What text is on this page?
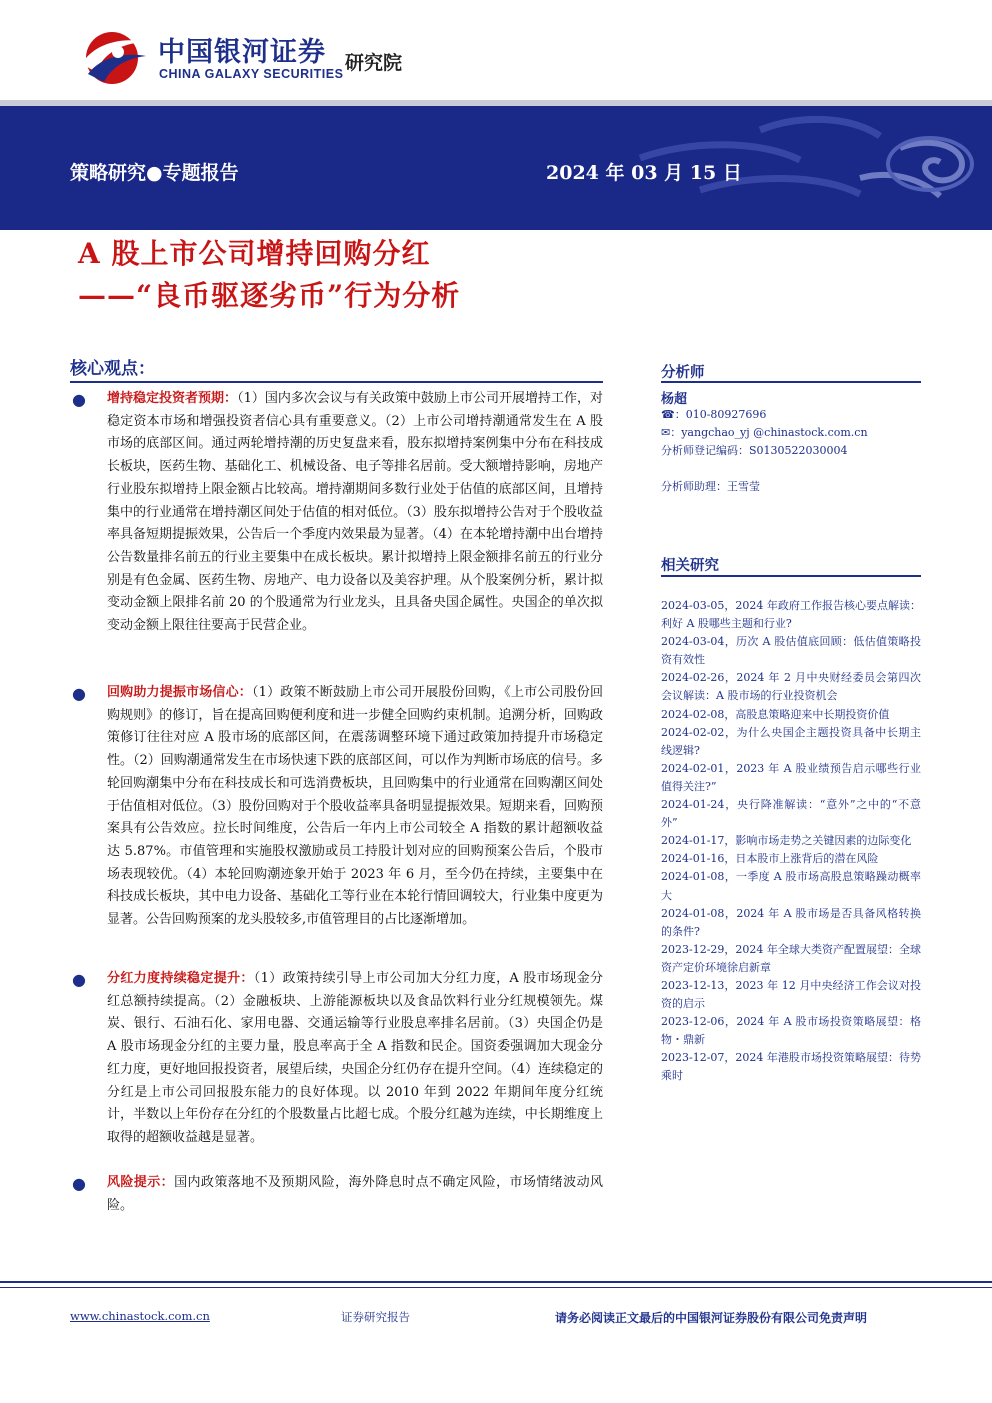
中国银河证券
CHINA GALAXY SECURITIES 研究院
策略研究●专题报告	2024 年 03 月 15 日
A 股上市公司增持回购分红
——“良币驱逐劣币”行为分析
核心观点：
● 增持稳定投资者预期：（1）国内多次会议与有关政策中鼓励上市公司开展增持工作，对稳定资本市场和增强投资者信心具有重要意义。（2）上市公司增持潮通常发生在 A 股市场的底部区间。通过两轮增持潮的历史复盘来看，股东拟增持案例集中分布在科技成长板块，医药生物、基础化工、机械设备、电子等排名居前。受大额增持影响，房地产行业股东拟增持上限金额占比较高。增持潮期间多数行业处于估值的底部区间，且增持集中的行业通常在增持潮区间处于估值的相对低位。（3）股东拟增持公告对于个股收益率具备短期提振效果，公告后一个季度内效果最为显著。（4）在本轮增持潮中出台增持公告数量排名前五的行业主要集中在成长板块。累计拟增持上限金额排名前五的行业分别是有色金属、医药生物、房地产、电力设备以及美容护理。从个股案例分析，累计拟变动金额上限排名前 20 的个股通常为行业龙头，且具备央国企属性。央国企的单次拟变动金额上限往往要高于民营企业。
● 回购助力提振市场信心：（1）政策不断鼓励上市公司开展股份回购，《上市公司股份回购规则》的修订，旨在提高回购便利度和进一步健全回购约束机制。追溯分析，回购政策修订往往对应 A 股市场的底部区间，在震荡调整环境下通过政策加持提升市场稳定性。（2）回购潮通常发生在市场快速下跌的底部区间，可以作为判断市场底的信号。多轮回购潮集中分布在科技成长和可选消费板块，且回购集中的行业通常在回购潮区间处于估值相对低位。（3）股份回购对于个股收益率具备明显提振效果。短期来看，回购预案具有公告效应。拉长时间维度，公告后一年内上市公司较全 A 指数的累计超额收益达 5.87%。市值管理和实施股权激励或员工持股计划对应的回购预案公告后，个股市场表现较优。（4）本轮回购潮迹象开始于 2023 年 6 月，至今仍在持续，主要集中在科技成长板块，其中电力设备、基础化工等行业在本轮行情回调较大，行业集中度更为显著。公告回购预案的龙头股较多,市值管理目的占比逐渐增加。
● 分红力度持续稳定提升：（1）政策持续引导上市公司加大分红力度，A 股市场现金分红总额持续提高。（2）金融板块、上游能源板块以及食品饮料行业分红规模领先。煤炭、银行、石油石化、家用电器、交通运输等行业股息率排名居前。（3）央国企仍是 A 股市场现金分红的主要力量，股息率高于全 A 指数和民企。国资委强调加大现金分红力度，更好地回报投资者，展望后续，央国企分红仍存在提升空间。（4）连续稳定的分红是上市公司回报股东能力的良好体现。以 2010 年到 2022 年期间年度分红统计，半数以上年份存在分红的个股数量占比超七成。个股分红越为连续，中长期维度上取得的超额收益越是显著。
● 风险提示：国内政策落地不及预期风险，海外降息时点不确定风险，市场情绪波动风险。
分析师
杨超
☎：010-80927696
✉：yangchao_yj @chinastock.com.cn
分析师登记编码：S0130522030004
分析师助理：王雪莹
相关研究
2024-03-05，2024 年政府工作报告核心要点解读：利好 A 股哪些主题和行业?
2024-03-04，历次 A 股估值底回顾：低估值策略投资有效性
2024-02-26，2024 年 2 月中央财经委员会第四次会议解读：A 股市场的行业投资机会
2024-02-08，高股息策略迎来中长期投资价值
2024-02-02，为什么央国企主题投资具备中长期主线逻辑?
2024-02-01，2023 年 A 股业绩预告启示哪些行业值得关注?”
2024-01-24，央行降准解读：“意外”之中的“不意外”
2024-01-17，影响市场走势之关键因素的边际变化
2024-01-16，日本股市上涨背后的潜在风险
2024-01-08，一季度 A 股市场高股息策略躁动概率大
2024-01-08，2024 年 A 股市场是否具备风格转换的条件?
2023-12-29，2024 年全球大类资产配置展望：全球资产定价环境徐启新章
2023-12-13，2023 年 12 月中央经济工作会议对投资的启示
2023-12-06，2024 年 A 股市场投资策略展望：格物・鼎新
2023-12-07，2024 年港股市场投资策略展望：待势乘时
www.chinastock.com.cn	证券研究报告	请务必阅读正文最后的中国银河证券股份有限公司免责声明
